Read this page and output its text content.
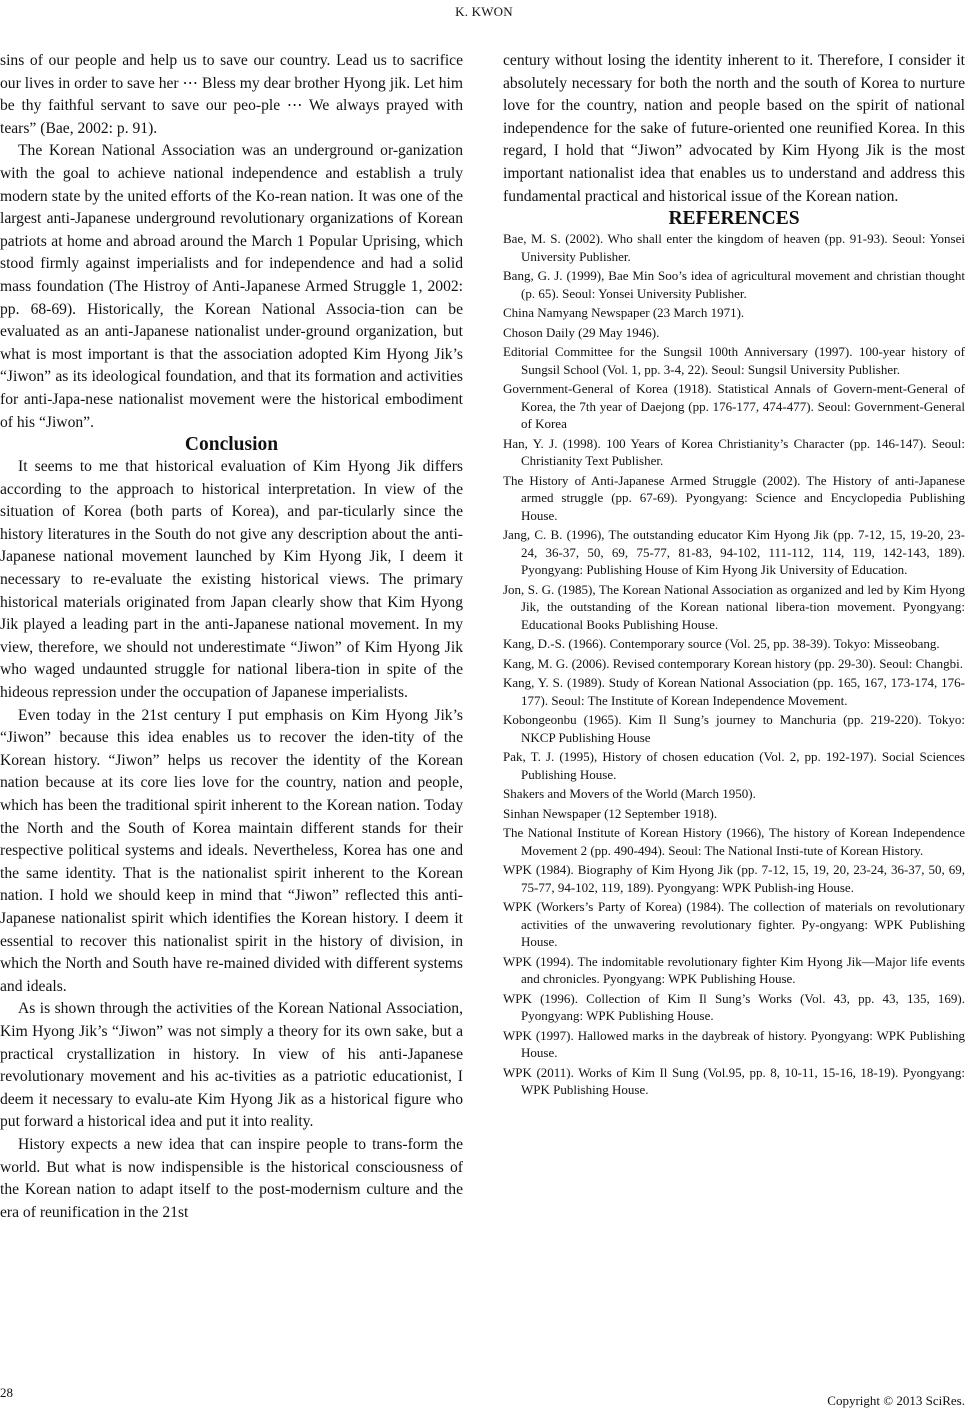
K. KWON

sins of our people and help us to save our country. Lead us to sacrifice our lives in order to save her ⋯ Bless my dear brother Hyong jik. Let him be thy faithful servant to save our peo-ple ⋯ We always prayed with tears” (Bae, 2002: p. 91).

The Korean National Association was an underground or-ganization with the goal to achieve national independence and establish a truly modern state by the united efforts of the Ko-rean nation. It was one of the largest anti-Japanese underground revolutionary organizations of Korean patriots at home and abroad around the March 1 Popular Uprising, which stood firmly against imperialists and for independence and had a solid mass foundation (The Histroy of Anti-Japanese Armed Struggle 1, 2002: pp. 68-69). Historically, the Korean National Associa-tion can be evaluated as an anti-Japanese nationalist under-ground organization, but what is most important is that the association adopted Kim Hyong Jik’s “Jiwon” as its ideological foundation, and that its formation and activities for anti-Japa-nese nationalist movement were the historical embodiment of his “Jiwon”.

Conclusion

It seems to me that historical evaluation of Kim Hyong Jik differs according to the approach to historical interpretation. In view of the situation of Korea (both parts of Korea), and par-ticularly since the history literatures in the South do not give any description about the anti-Japanese national movement launched by Kim Hyong Jik, I deem it necessary to re-evaluate the existing historical views. The primary historical materials originated from Japan clearly show that Kim Hyong Jik played a leading part in the anti-Japanese national movement. In my view, therefore, we should not underestimate “Jiwon” of Kim Hyong Jik who waged undaunted struggle for national libera-tion in spite of the hideous repression under the occupation of Japanese imperialists.

Even today in the 21st century I put emphasis on Kim Hyong Jik’s “Jiwon” because this idea enables us to recover the iden-tity of the Korean history. “Jiwon” helps us recover the identity of the Korean nation because at its core lies love for the country, nation and people, which has been the traditional spirit inherent to the Korean nation. Today the North and the South of Korea maintain different stands for their respective political systems and ideals. Nevertheless, Korea has one and the same identity. That is the nationalist spirit inherent to the Korean nation. I hold we should keep in mind that “Jiwon” reflected this anti-Japanese nationalist spirit which identifies the Korean history. I deem it essential to recover this nationalist spirit in the history of division, in which the North and South have re-mained divided with different systems and ideals.

As is shown through the activities of the Korean National Association, Kim Hyong Jik’s “Jiwon” was not simply a theory for its own sake, but a practical crystallization in history. In view of his anti-Japanese revolutionary movement and his ac-tivities as a patriotic educationist, I deem it necessary to evalu-ate Kim Hyong Jik as a historical figure who put forward a historical idea and put it into reality.

History expects a new idea that can inspire people to trans-form the world. But what is now indispensible is the historical consciousness of the Korean nation to adapt itself to the post-modernism culture and the era of reunification in the 21st

century without losing the identity inherent to it. Therefore, I consider it absolutely necessary for both the north and the south of Korea to nurture love for the country, nation and people based on the spirit of national independence for the sake of future-oriented one reunified Korea. In this regard, I hold that “Jiwon” advocated by Kim Hyong Jik is the most important nationalist idea that enables us to understand and address this fundamental practical and historical issue of the Korean nation.

REFERENCES
Bae, M. S. (2002). Who shall enter the kingdom of heaven (pp. 91-93). Seoul: Yonsei University Publisher.
Bang, G. J. (1999), Bae Min Soo’s idea of agricultural movement and christian thought (p. 65). Seoul: Yonsei University Publisher.
China Namyang Newspaper (23 March 1971).
Choson Daily (29 May 1946).
Editorial Committee for the Sungsil 100th Anniversary (1997). 100-year history of Sungsil School (Vol. 1, pp. 3-4, 22). Seoul: Sungsil University Publisher.
Government-General of Korea (1918). Statistical Annals of Govern-ment-General of Korea, the 7th year of Daejong (pp. 176-177, 474-477). Seoul: Government-General of Korea
Han, Y. J. (1998). 100 Years of Korea Christianity’s Character (pp. 146-147). Seoul: Christianity Text Publisher.
The History of Anti-Japanese Armed Struggle (2002). The History of anti-Japanese armed struggle (pp. 67-69). Pyongyang: Science and Encyclopedia Publishing House.
Jang, C. B. (1996), The outstanding educator Kim Hyong Jik (pp. 7-12, 15, 19-20, 23-24, 36-37, 50, 69, 75-77, 81-83, 94-102, 111-112, 114, 119, 142-143, 189). Pyongyang: Publishing House of Kim Hyong Jik University of Education.
Jon, S. G. (1985), The Korean National Association as organized and led by Kim Hyong Jik, the outstanding of the Korean national libera-tion movement. Pyongyang: Educational Books Publishing House.
Kang, D.-S. (1966). Contemporary source (Vol. 25, pp. 38-39). Tokyo: Misseobang.
Kang, M. G. (2006). Revised contemporary Korean history (pp. 29-30). Seoul: Changbi.
Kang, Y. S. (1989). Study of Korean National Association (pp. 165, 167, 173-174, 176-177). Seoul: The Institute of Korean Independence Movement.
Kobongeonbu (1965). Kim Il Sung’s journey to Manchuria (pp. 219-220). Tokyo: NKCP Publishing House
Pak, T. J. (1995), History of chosen education (Vol. 2, pp. 192-197). Social Sciences Publishing House.
Shakers and Movers of the World (March 1950).
Sinhan Newspaper (12 September 1918).
The National Institute of Korean History (1966), The history of Korean Independence Movement 2 (pp. 490-494). Seoul: The National Insti-tute of Korean History.
WPK (1984). Biography of Kim Hyong Jik (pp. 7-12, 15, 19, 20, 23-24, 36-37, 50, 69, 75-77, 94-102, 119, 189). Pyongyang: WPK Publish-ing House.
WPK (Workers’s Party of Korea) (1984). The collection of materials on revolutionary activities of the unwavering revolutionary fighter. Py-ongyang: WPK Publishing House.
WPK (1994). The indomitable revolutionary fighter Kim Hyong Jik—Major life events and chronicles. Pyongyang: WPK Publishing House.
WPK (1996). Collection of Kim Il Sung’s Works (Vol. 43, pp. 43, 135, 169). Pyongyang: WPK Publishing House.
WPK (1997). Hallowed marks in the daybreak of history. Pyongyang: WPK Publishing House.
WPK (2011). Works of Kim Il Sung (Vol.95, pp. 8, 10-11, 15-16, 18-19). Pyongyang: WPK Publishing House.
28
Copyright © 2013 SciRes.
